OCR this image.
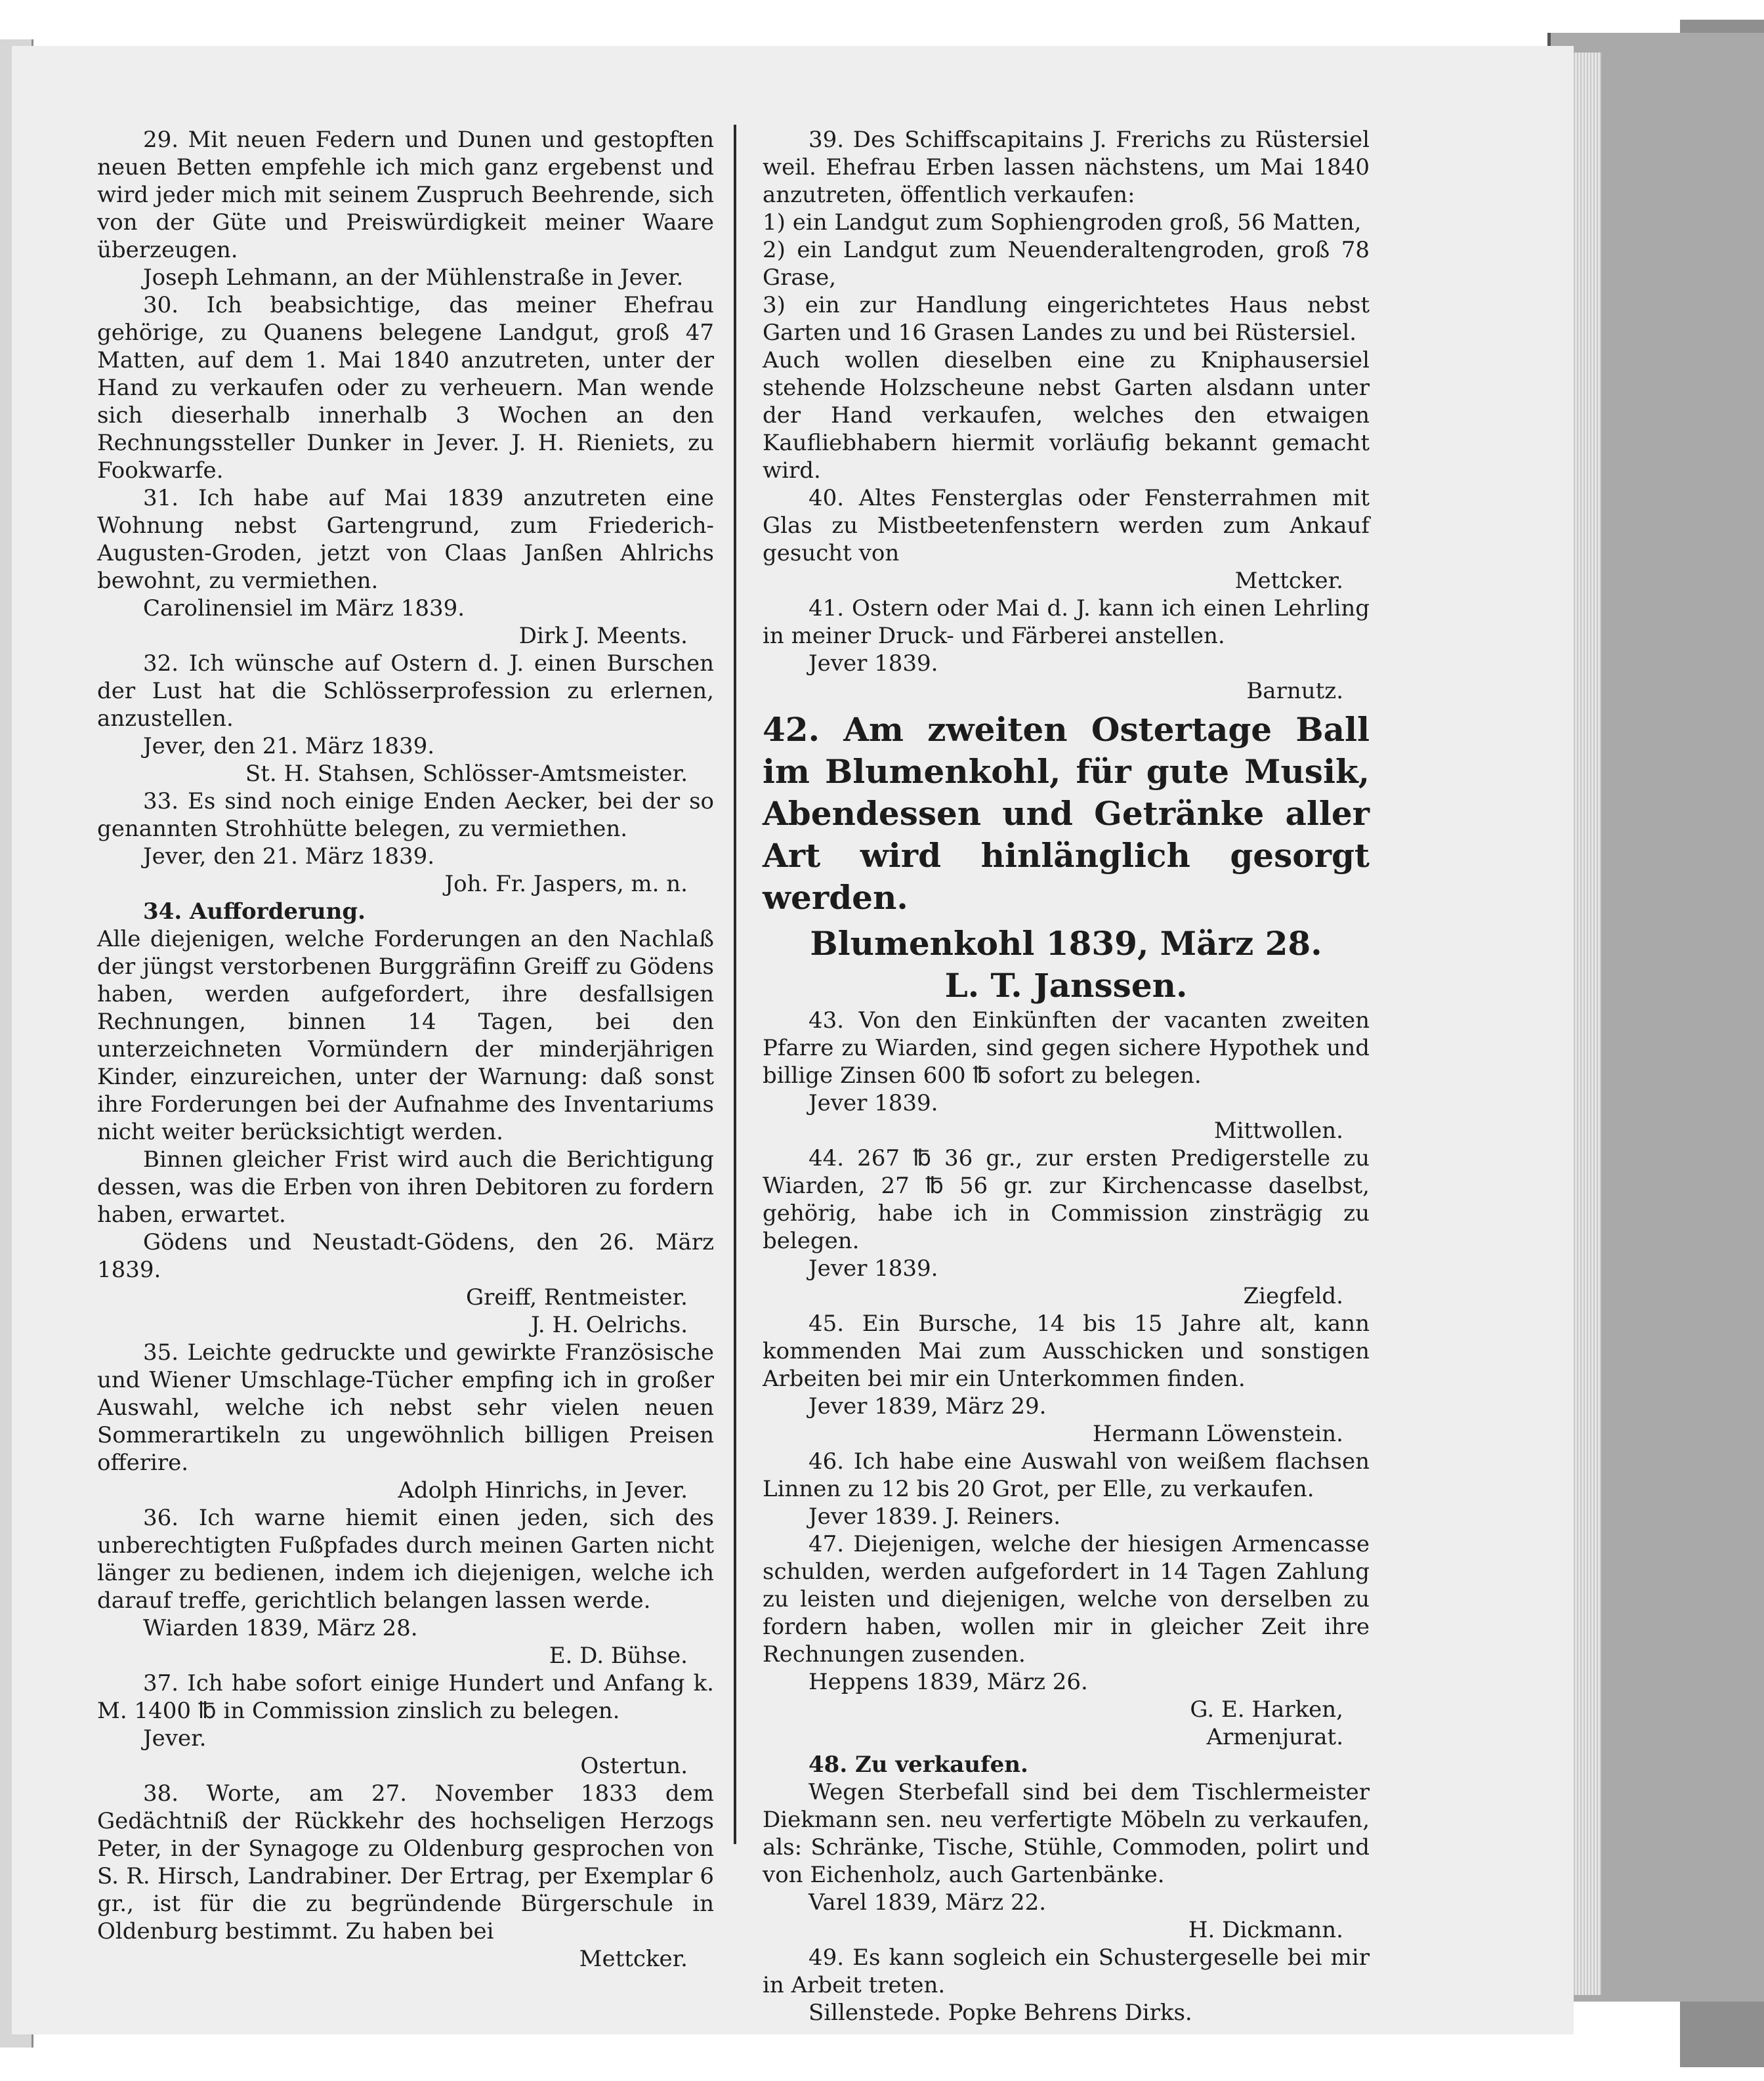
29. Mit neuen Federn und Dunen und gestopften neuen Betten empfehle ich mich ganz ergebenst und wird jeder mich mit seinem Zuspruch Beehrende, sich von der Güte und Preiswürdigkeit meiner Waare überzeugen.

Joseph Lehmann, an der Mühlenstraße in Jever.

30. Ich beabsichtige, das meiner Ehefrau gehörige, zu Quanens belegene Landgut, groß 47 Matten, auf dem 1. Mai 1840 anzutreten, unter der Hand zu verkaufen oder zu verheuern. Man wende sich dieserhalb innerhalb 3 Wochen an den Rechnungssteller Dunker in Jever. J. H. Rieniets, zu Fookwarfe.

31. Ich habe auf Mai 1839 anzutreten eine Wohnung nebst Gartengrund, zum Friederich-Augusten-Groden, jetzt von Claas Janßen Ahlrichs bewohnt, zu vermiethen.

Carolinensiel im März 1839.

Dirk J. Meents.

32. Ich wünsche auf Ostern d. J. einen Burschen der Lust hat die Schlösserprofession zu erlernen, anzustellen.

Jever, den 21. März 1839.

St. H. Stahsen, Schlösser-Amtsmeister.

33. Es sind noch einige Enden Aecker, bei der so genannten Strohhütte belegen, zu vermiethen.

Jever, den 21. März 1839.

Joh. Fr. Jaspers, m. n.

34. Aufforderung.

Alle diejenigen, welche Forderungen an den Nachlaß der jüngst verstorbenen Burggräfinn Greiff zu Gödens haben, werden aufgefordert, ihre desfallsigen Rechnungen, binnen 14 Tagen, bei den unterzeichneten Vormündern der minderjährigen Kinder, einzureichen, unter der Warnung: daß sonst ihre Forderungen bei der Aufnahme des Inventariums nicht weiter berücksichtigt werden.

Binnen gleicher Frist wird auch die Berichtigung dessen, was die Erben von ihren Debitoren zu fordern haben, erwartet.

Gödens und Neustadt-Gödens, den 26. März 1839.

Greiff, Rentmeister.

J. H. Oelrichs.

35. Leichte gedruckte und gewirkte Französische und Wiener Umschlage-Tücher empfing ich in großer Auswahl, welche ich nebst sehr vielen neuen Sommerartikeln zu ungewöhnlich billigen Preisen offerire.

Adolph Hinrichs, in Jever.

36. Ich warne hiemit einen jeden, sich des unberechtigten Fußpfades durch meinen Garten nicht länger zu bedienen, indem ich diejenigen, welche ich darauf treffe, gerichtlich belangen lassen werde.

Wiarden 1839, März 28.

E. D. Bühse.

37. Ich habe sofort einige Hundert und Anfang k. M. 1400 ℔ in Commission zinslich zu belegen.

Jever.

Ostertun.

38. Worte, am 27. November 1833 dem Gedächtniß der Rückkehr des hochseligen Herzogs Peter, in der Synagoge zu Oldenburg gesprochen von S. R. Hirsch, Landrabiner. Der Ertrag, per Exemplar 6 gr., ist für die zu begründende Bürgerschule in Oldenburg bestimmt. Zu haben bei

Mettcker.

39. Des Schiffscapitains J. Frerichs zu Rüstersiel weil. Ehefrau Erben lassen nächstens, um Mai 1840 anzutreten, öffentlich verkaufen:

1) ein Landgut zum Sophiengroden groß, 56 Matten,

2) ein Landgut zum Neuenderaltengroden, groß 78 Grase,

3) ein zur Handlung eingerichtetes Haus nebst Garten und 16 Grasen Landes zu und bei Rüstersiel.

Auch wollen dieselben eine zu Kniphausersiel stehende Holzscheune nebst Garten alsdann unter der Hand verkaufen, welches den etwaigen Kaufliebhabern hiermit vorläufig bekannt gemacht wird.

40. Altes Fensterglas oder Fensterrahmen mit Glas zu Mistbeetenfenstern werden zum Ankauf gesucht von

Mettcker.

41. Ostern oder Mai d. J. kann ich einen Lehrling in meiner Druck- und Färberei anstellen.

Jever 1839.

Barnutz.

42. Am zweiten Ostertage Ball im Blumenkohl, für gute Musik, Abendessen und Getränke aller Art wird hinlänglich gesorgt werden.

Blumenkohl 1839, März 28.

L. T. Janssen.

43. Von den Einkünften der vacanten zweiten Pfarre zu Wiarden, sind gegen sichere Hypothek und billige Zinsen 600 ℔ sofort zu belegen.

Jever 1839.

Mittwollen.

44. 267 ℔ 36 gr., zur ersten Predigerstelle zu Wiarden, 27 ℔ 56 gr. zur Kirchencasse daselbst, gehörig, habe ich in Commission zinsträgig zu belegen.

Jever 1839.

Ziegfeld.

45. Ein Bursche, 14 bis 15 Jahre alt, kann kommenden Mai zum Ausschicken und sonstigen Arbeiten bei mir ein Unterkommen finden.

Jever 1839, März 29.

Hermann Löwenstein.

46. Ich habe eine Auswahl von weißem flachsen Linnen zu 12 bis 20 Grot, per Elle, zu verkaufen.

Jever 1839. J. Reiners.

47. Diejenigen, welche der hiesigen Armencasse schulden, werden aufgefordert in 14 Tagen Zahlung zu leisten und diejenigen, welche von derselben zu fordern haben, wollen mir in gleicher Zeit ihre Rechnungen zusenden.

Heppens 1839, März 26.

G. E. Harken,

Armenjurat.

48. Zu verkaufen.

Wegen Sterbefall sind bei dem Tischlermeister Diekmann sen. neu verfertigte Möbeln zu verkaufen, als: Schränke, Tische, Stühle, Commoden, polirt und von Eichenholz, auch Gartenbänke.

Varel 1839, März 22.

H. Dickmann.

49. Es kann sogleich ein Schustergeselle bei mir in Arbeit treten.

Sillenstede. Popke Behrens Dirks.
